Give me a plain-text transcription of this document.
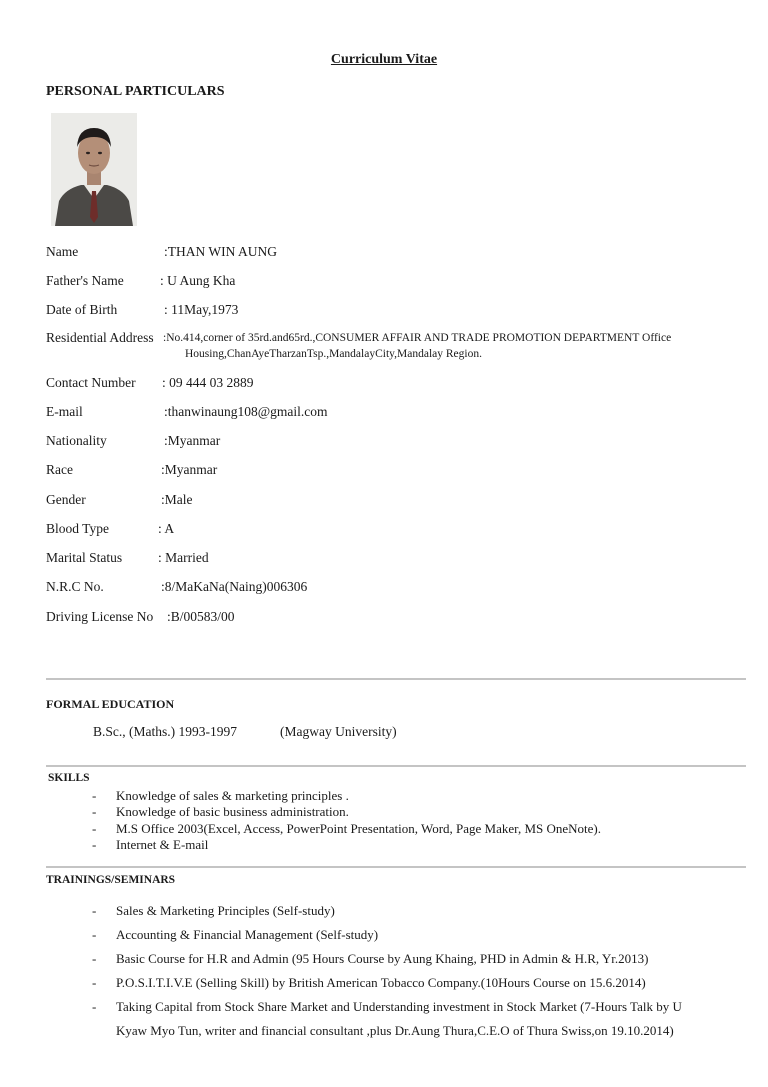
Curriculum Vitae
PERSONAL PARTICULARS
Name	:THAN WIN AUNG
Father's Name	: U Aung Kha
Date of Birth	: 11May,1973
Residential Address :No.414,corner of 35rd.and65rd.,CONSUMER AFFAIR AND TRADE PROMOTION DEPARTMENT Office
Housing,ChanAyeTharzanTsp.,MandalayCity,Mandalay Region.
Contact Number : 09 444 03 2889
E-mail	:thanwinaung108@gmail.com
Nationality	:Myanmar
Race	:Myanmar
Gender	:Male
Blood Type	: A
Marital Status	: Married
N.R.C No.	:8/MaKaNa(Naing)006306
Driving License No :B/00583/00
FORMAL EDUCATION
B.Sc., (Maths.) 1993-1997	(Magway University)
SKILLS
- Knowledge of sales & marketing principles .
- Knowledge of basic business administration.
- M.S Office 2003(Excel, Access, PowerPoint Presentation, Word, Page Maker, MS OneNote).
- Internet & E-mail
TRAININGS/SEMINARS
- Sales & Marketing Principles (Self-study)
- Accounting & Financial Management (Self-study)
- Basic Course for H.R and Admin (95 Hours Course by Aung Khaing, PHD in Admin & H.R, Yr.2013)
- P.O.S.I.T.I.V.E (Selling Skill) by British American Tobacco Company.(10Hours Course on 15.6.2014)
- Taking Capital from Stock Share Market and Understanding investment in Stock Market (7-Hours Talk by U
Kyaw Myo Tun, writer and financial consultant ,plus Dr.Aung Thura,C.E.O of Thura Swiss,on 19.10.2014)
